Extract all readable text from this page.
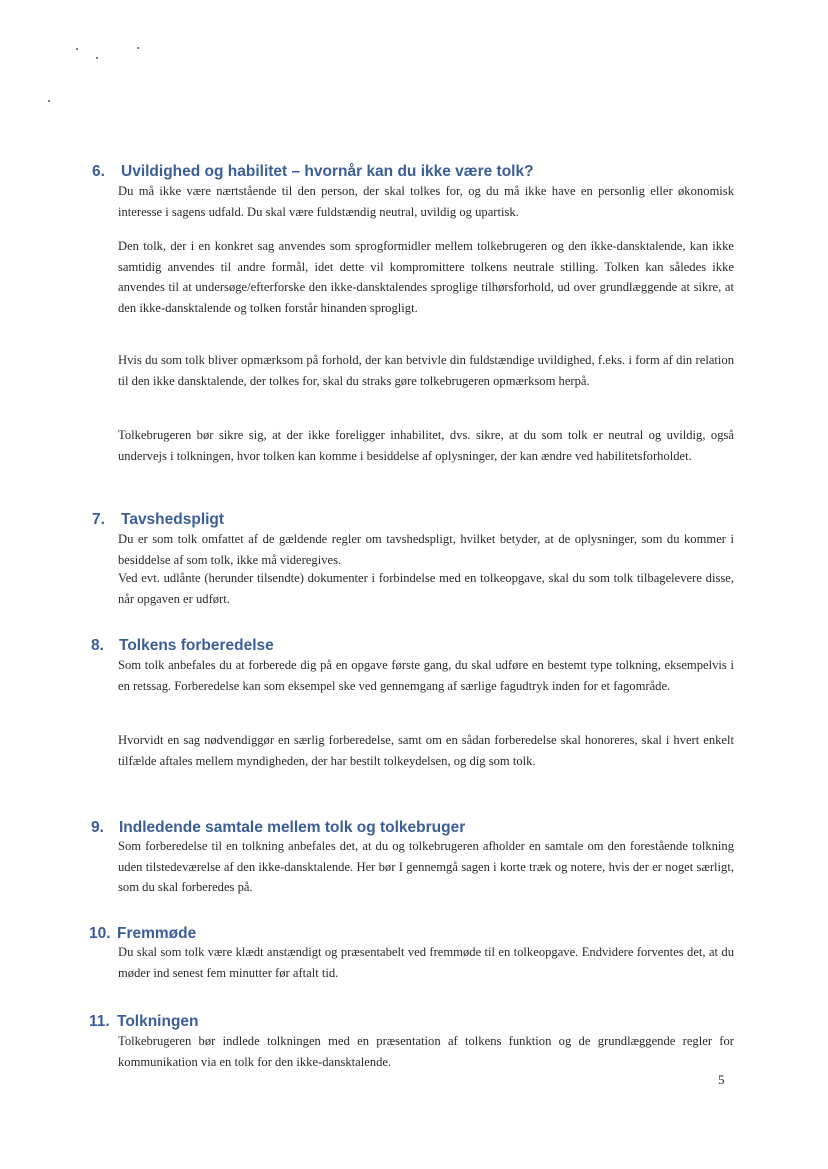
6. Uvildighed og habilitet – hvornår kan du ikke være tolk?

Du må ikke være nærtstående til den person, der skal tolkes for, og du må ikke have en personlig eller økonomisk interesse i sagens udfald. Du skal være fuldstændig neutral, uvildig og upartisk.

Den tolk, der i en konkret sag anvendes som sprogformidler mellem tolkebrugeren og den ikke-dansktalende, kan ikke samtidig anvendes til andre formål, idet dette vil kompromittere tolkens neutrale stilling. Tolken kan således ikke anvendes til at undersøge/efterforske den ikke-dansktalendes sproglige tilhørsforhold, ud over grundlæggende at sikre, at den ikke-dansktalende og tolken forstår hinanden sprogligt.

Hvis du som tolk bliver opmærksom på forhold, der kan betvivle din fuldstændige uvildighed, f.eks. i form af din relation til den ikke dansktalende, der tolkes for, skal du straks gøre tolkebrugeren opmærksom herpå.

Tolkebrugeren bør sikre sig, at der ikke foreligger inhabilitet, dvs. sikre, at du som tolk er neutral og uvildig, også undervejs i tolkningen, hvor tolken kan komme i besiddelse af oplysninger, der kan ændre ved habilitetsforholdet.

7. Tavshedspligt

Du er som tolk omfattet af de gældende regler om tavshedspligt, hvilket betyder, at de oplysninger, som du kommer i besiddelse af som tolk, ikke må videregives.

Ved evt. udlånte (herunder tilsendte) dokumenter i forbindelse med en tolkeopgave, skal du som tolk tilbagelevere disse, når opgaven er udført.

8. Tolkens forberedelse

Som tolk anbefales du at forberede dig på en opgave første gang, du skal udføre en bestemt type tolkning, eksempelvis i en retssag. Forberedelse kan som eksempel ske ved gennemgang af særlige fagudtryk inden for et fagområde.

Hvorvidt en sag nødvendiggør en særlig forberedelse, samt om en sådan forberedelse skal honoreres, skal i hvert enkelt tilfælde aftales mellem myndigheden, der har bestilt tolkeydelsen, og dig som tolk.

9. Indledende samtale mellem tolk og tolkebruger

Som forberedelse til en tolkning anbefales det, at du og tolkebrugeren afholder en samtale om den forestående tolkning uden tilstedeværelse af den ikke-dansktalende. Her bør I gennemgå sagen i korte træk og notere, hvis der er noget særligt, som du skal forberedes på.

10. Fremmøde

Du skal som tolk være klædt anstændigt og præsentabelt ved fremmøde til en tolkeopgave. Endvidere forventes det, at du møder ind senest fem minutter før aftalt tid.

11. Tolkningen

Tolkebrugeren bør indlede tolkningen med en præsentation af tolkens funktion og de grundlæggende regler for kommunikation via en tolk for den ikke-dansktalende.

5
